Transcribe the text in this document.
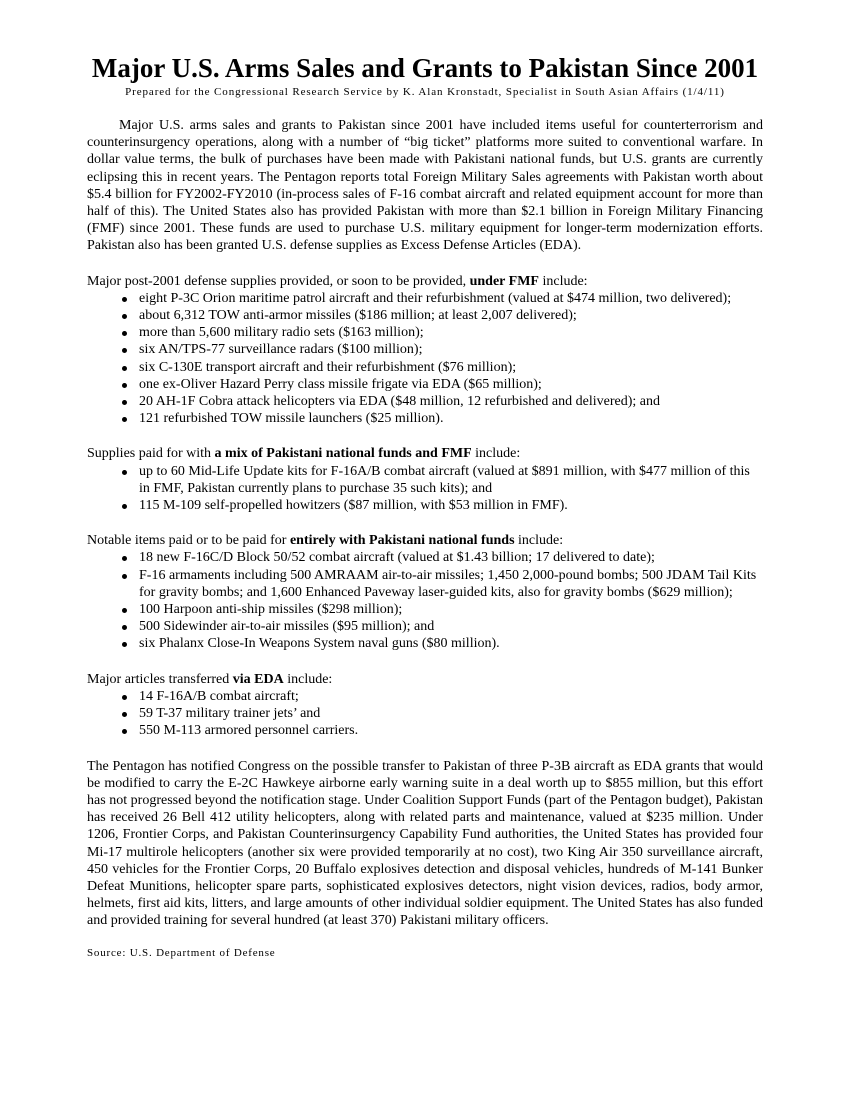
Major U.S. Arms Sales and Grants to Pakistan Since 2001
Prepared for the Congressional Research Service by K. Alan Kronstadt, Specialist in South Asian Affairs (1/4/11)

Major U.S. arms sales and grants to Pakistan since 2001 have included items useful for counterterrorism and counterinsurgency operations, along with a number of “big ticket” platforms more suited to conventional warfare. In dollar value terms, the bulk of purchases have been made with Pakistani national funds, but U.S. grants are currently eclipsing this in recent years. The Pentagon reports total Foreign Military Sales agreements with Pakistan worth about $5.4 billion for FY2002-FY2010 (in-process sales of F-16 combat aircraft and related equipment account for more than half of this). The United States also has provided Pakistan with more than $2.1 billion in Foreign Military Financing (FMF) since 2001. These funds are used to purchase U.S. military equipment for longer-term modernization efforts. Pakistan also has been granted U.S. defense supplies as Excess Defense Articles (EDA).

Major post-2001 defense supplies provided, or soon to be provided, under FMF include:

eight P-3C Orion maritime patrol aircraft and their refurbishment (valued at $474 million, two delivered);
about 6,312 TOW anti-armor missiles ($186 million; at least 2,007 delivered);
more than 5,600 military radio sets ($163 million);
six AN/TPS-77 surveillance radars ($100 million);
six C-130E transport aircraft and their refurbishment ($76 million);
one ex-Oliver Hazard Perry class missile frigate via EDA ($65 million);
20 AH-1F Cobra attack helicopters via EDA ($48 million, 12 refurbished and delivered); and
121 refurbished TOW missile launchers ($25 million).

Supplies paid for with a mix of Pakistani national funds and FMF include:

up to 60 Mid-Life Update kits for F-16A/B combat aircraft (valued at $891 million, with $477 million of this in FMF, Pakistan currently plans to purchase 35 such kits); and
115 M-109 self-propelled howitzers ($87 million, with $53 million in FMF).

Notable items paid or to be paid for entirely with Pakistani national funds include:

18 new F-16C/D Block 50/52 combat aircraft (valued at $1.43 billion; 17 delivered to date);
F-16 armaments including 500 AMRAAM air-to-air missiles; 1,450 2,000-pound bombs; 500 JDAM Tail Kits for gravity bombs; and 1,600 Enhanced Paveway laser-guided kits, also for gravity bombs ($629 million);
100 Harpoon anti-ship missiles ($298 million);
500 Sidewinder air-to-air missiles ($95 million); and
six Phalanx Close-In Weapons System naval guns ($80 million).

Major articles transferred via EDA include:

14 F-16A/B combat aircraft;
59 T-37 military trainer jets’ and
550 M-113 armored personnel carriers.

The Pentagon has notified Congress on the possible transfer to Pakistan of three P-3B aircraft as EDA grants that would be modified to carry the E-2C Hawkeye airborne early warning suite in a deal worth up to $855 million, but this effort has not progressed beyond the notification stage. Under Coalition Support Funds (part of the Pentagon budget), Pakistan has received 26 Bell 412 utility helicopters, along with related parts and maintenance, valued at $235 million. Under 1206, Frontier Corps, and Pakistan Counterinsurgency Capability Fund authorities, the United States has provided four Mi-17 multirole helicopters (another six were provided temporarily at no cost), two King Air 350 surveillance aircraft, 450 vehicles for the Frontier Corps, 20 Buffalo explosives detection and disposal vehicles, hundreds of M-141 Bunker Defeat Munitions, helicopter spare parts, sophisticated explosives detectors, night vision devices, radios, body armor, helmets, first aid kits, litters, and large amounts of other individual soldier equipment. The United States has also funded and provided training for several hundred (at least 370) Pakistani military officers.

Source: U.S. Department of Defense
